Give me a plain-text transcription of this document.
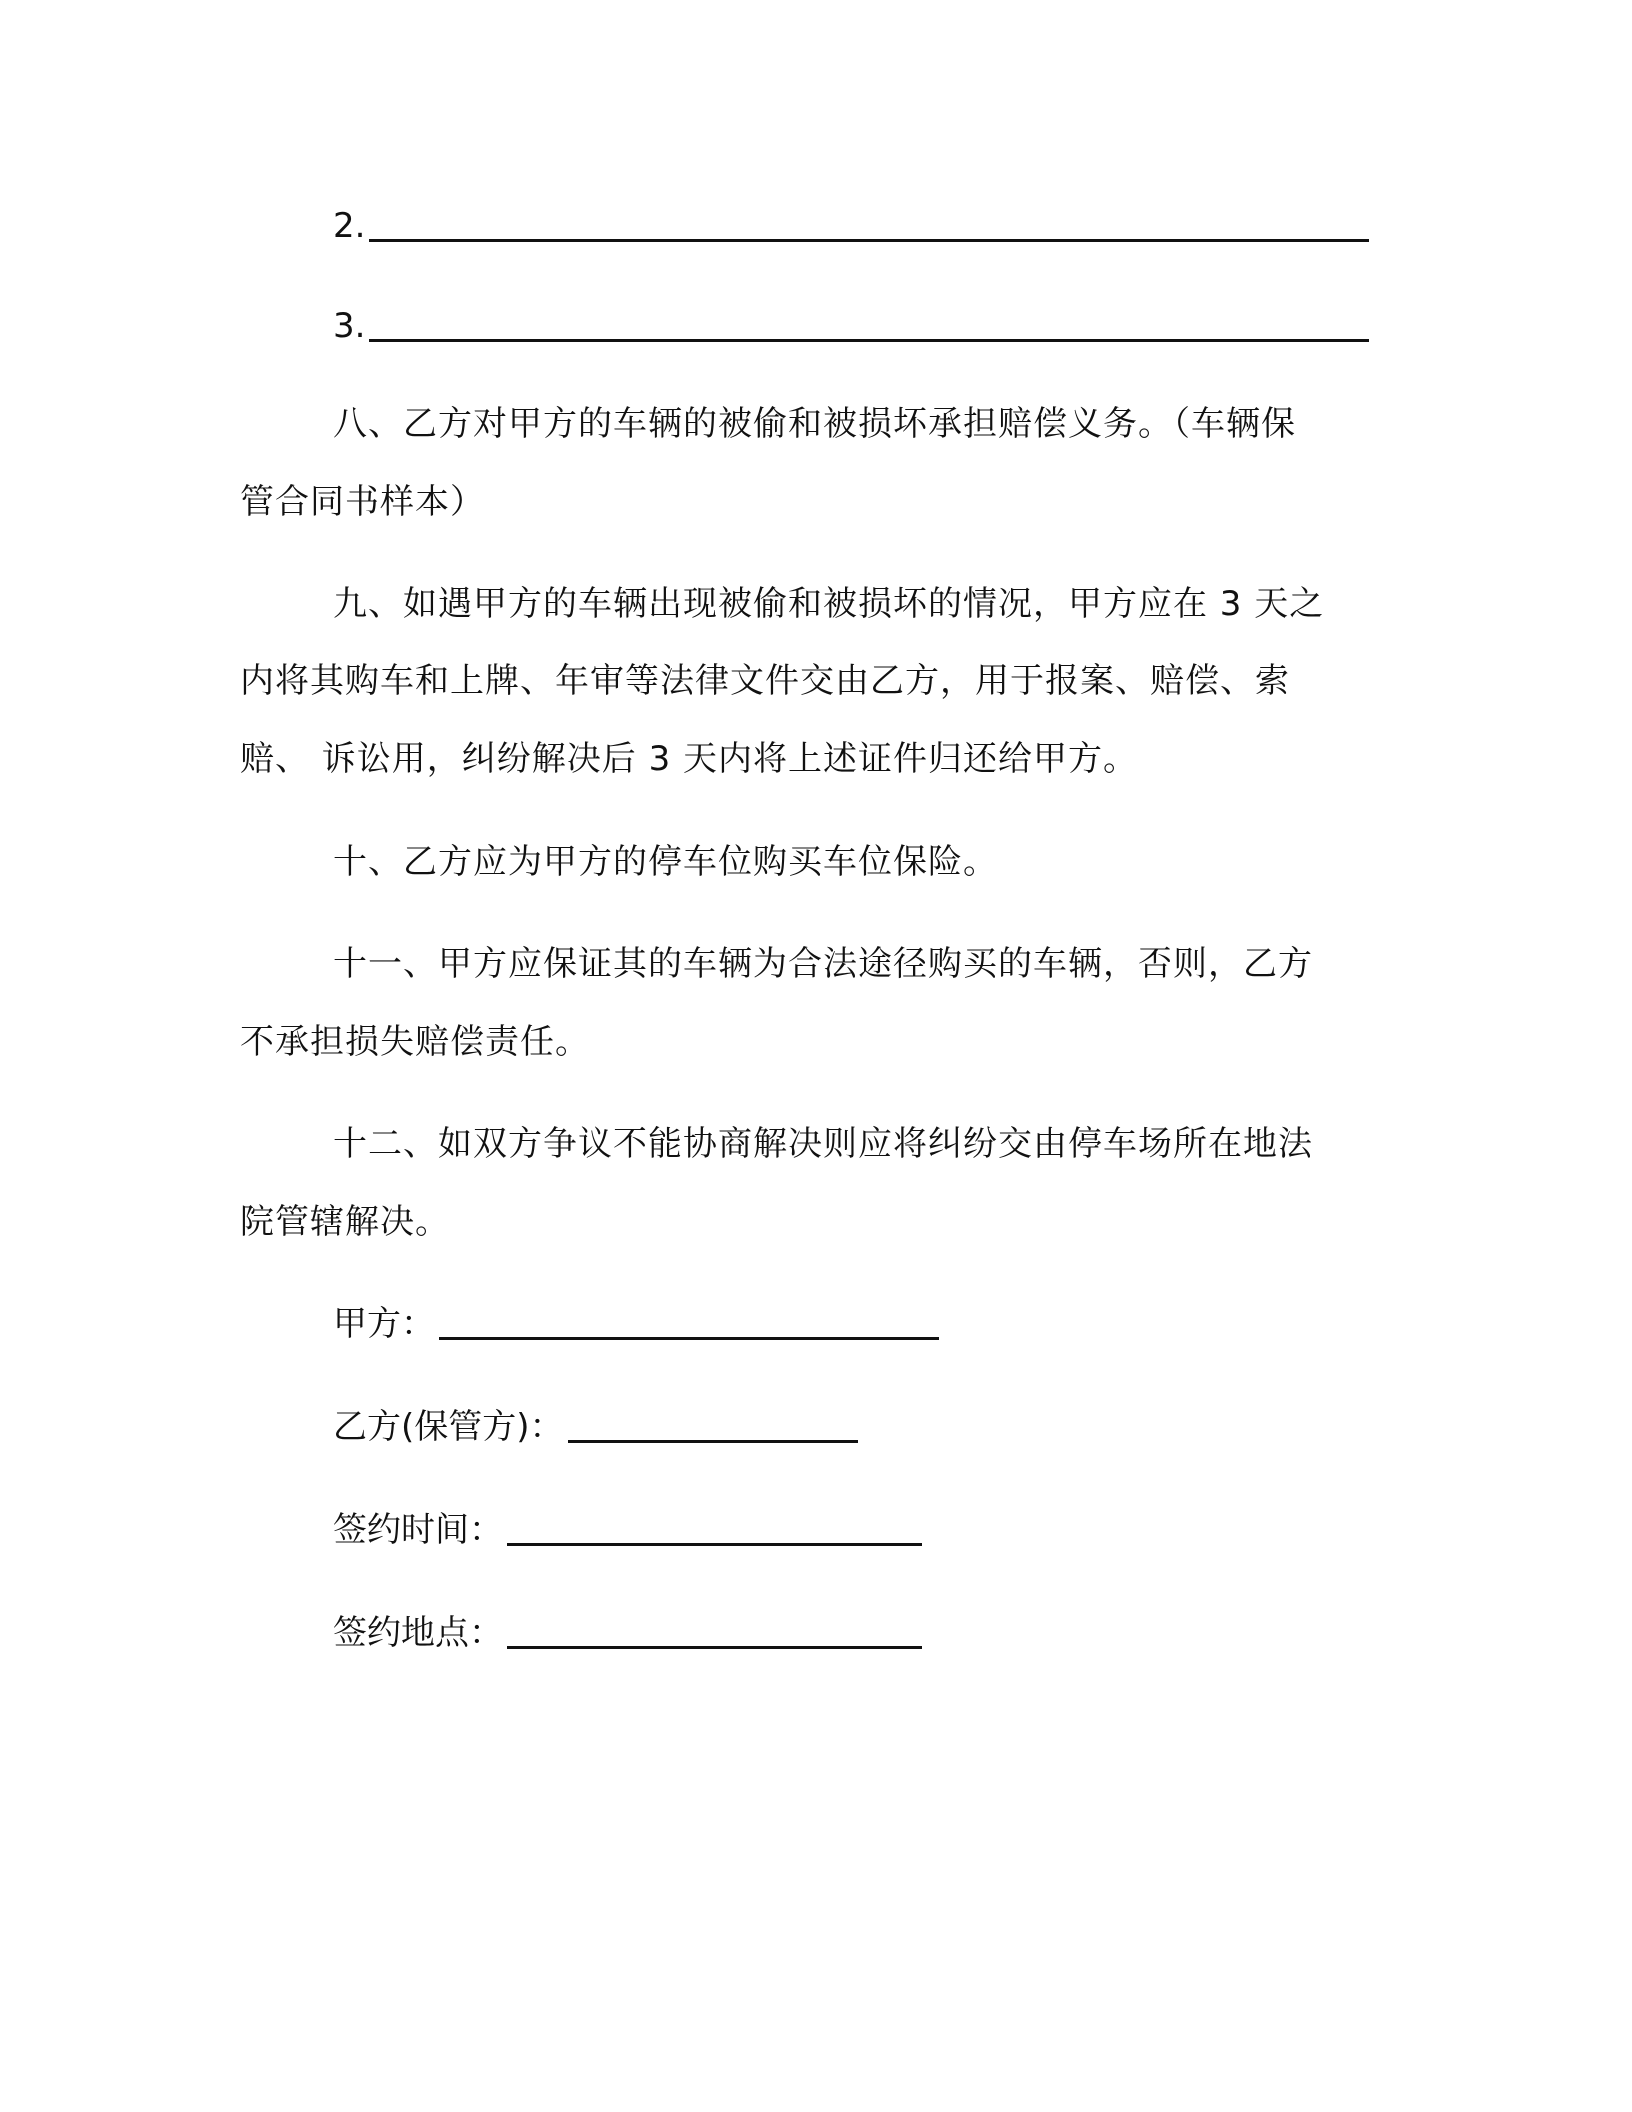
2.
3.
八、乙方对甲方的车辆的被偷和被损坏承担赔偿义务。（车辆保
管合同书样本）
九、如遇甲方的车辆出现被偷和被损坏的情况，甲方应在 3 天之
内将其购车和上牌、年审等法律文件交由乙方，用于报案、赔偿、索
赔、 诉讼用，纠纷解决后 3 天内将上述证件归还给甲方。
十、乙方应为甲方的停车位购买车位保险。
十一、甲方应保证其的车辆为合法途径购买的车辆，否则，乙方
不承担损失赔偿责任。
十二、如双方争议不能协商解决则应将纠纷交由停车场所在地法
院管辖解决。
甲方：
乙方(保管方)：
签约时间：
签约地点：
